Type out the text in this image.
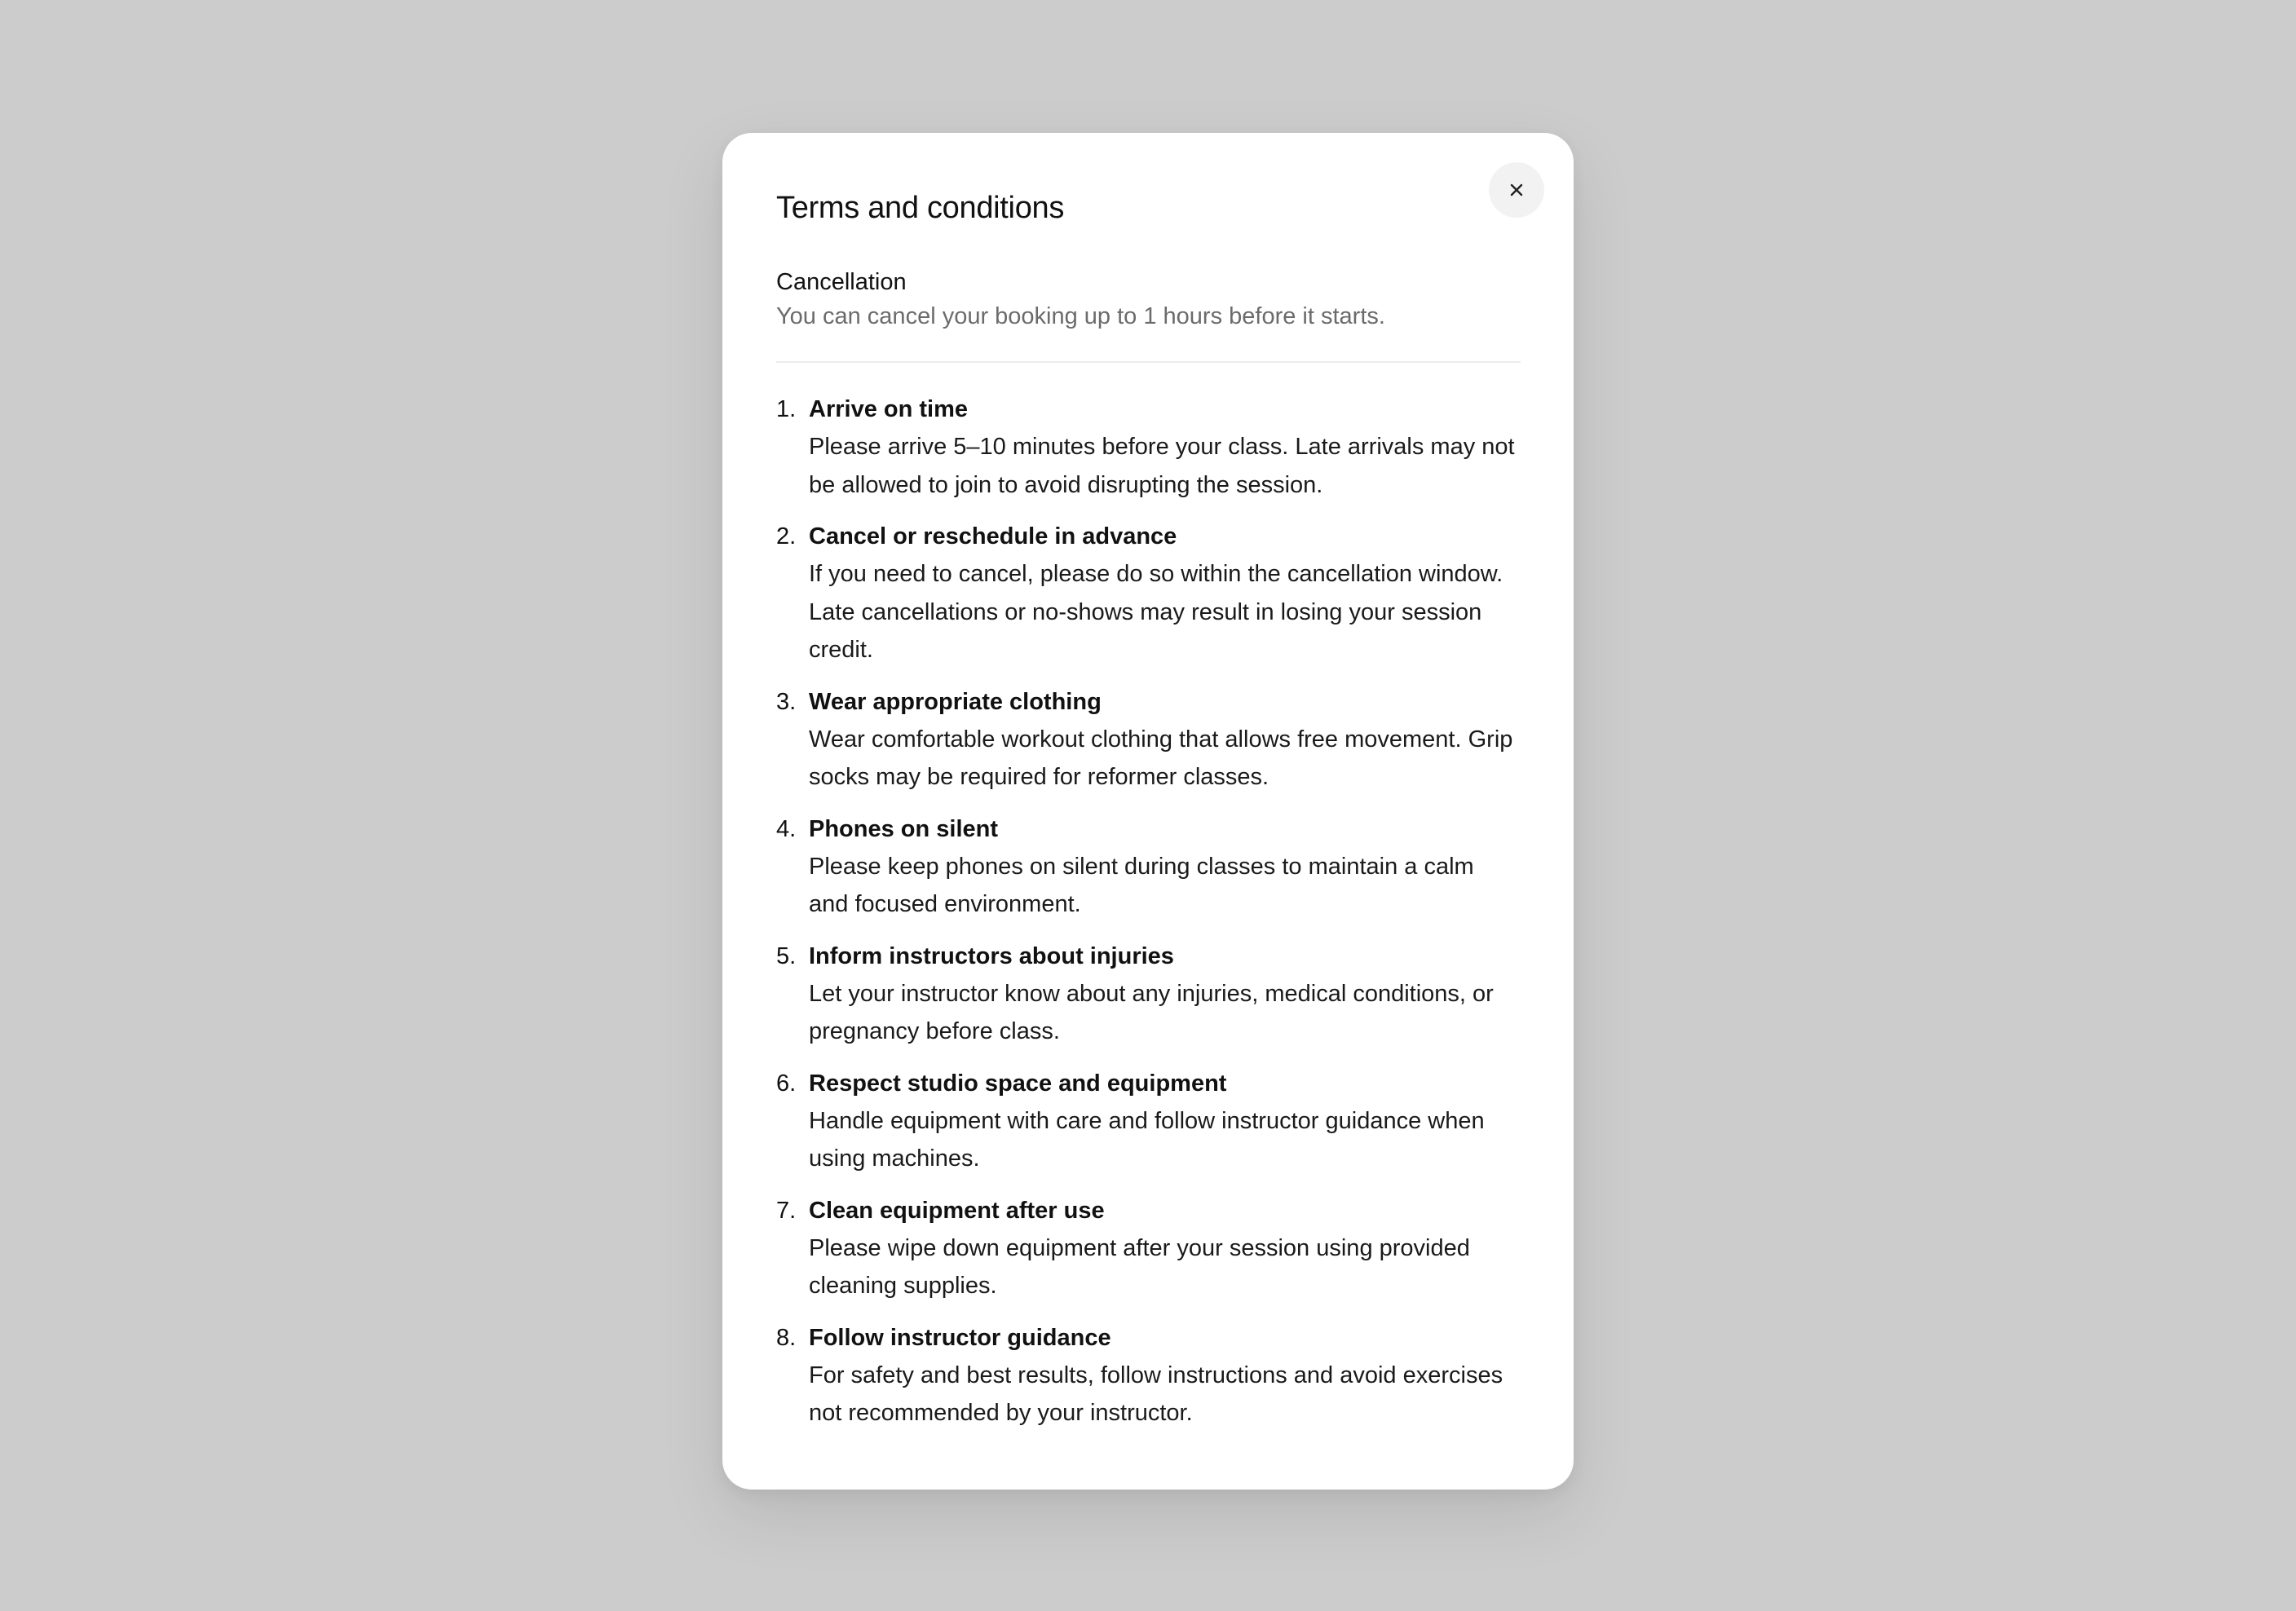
Terms and conditions
Cancellation
You can cancel your booking up to 1 hours before it starts.
1. Arrive on time
Please arrive 5–10 minutes before your class. Late arrivals may not be allowed to join to avoid disrupting the session.
2. Cancel or reschedule in advance
If you need to cancel, please do so within the cancellation window. Late cancellations or no-shows may result in losing your session credit.
3. Wear appropriate clothing
Wear comfortable workout clothing that allows free movement. Grip socks may be required for reformer classes.
4. Phones on silent
Please keep phones on silent during classes to maintain a calm and focused environment.
5. Inform instructors about injuries
Let your instructor know about any injuries, medical conditions, or pregnancy before class.
6. Respect studio space and equipment
Handle equipment with care and follow instructor guidance when using machines.
7. Clean equipment after use
Please wipe down equipment after your session using provided cleaning supplies.
8. Follow instructor guidance
For safety and best results, follow instructions and avoid exercises not recommended by your instructor.
